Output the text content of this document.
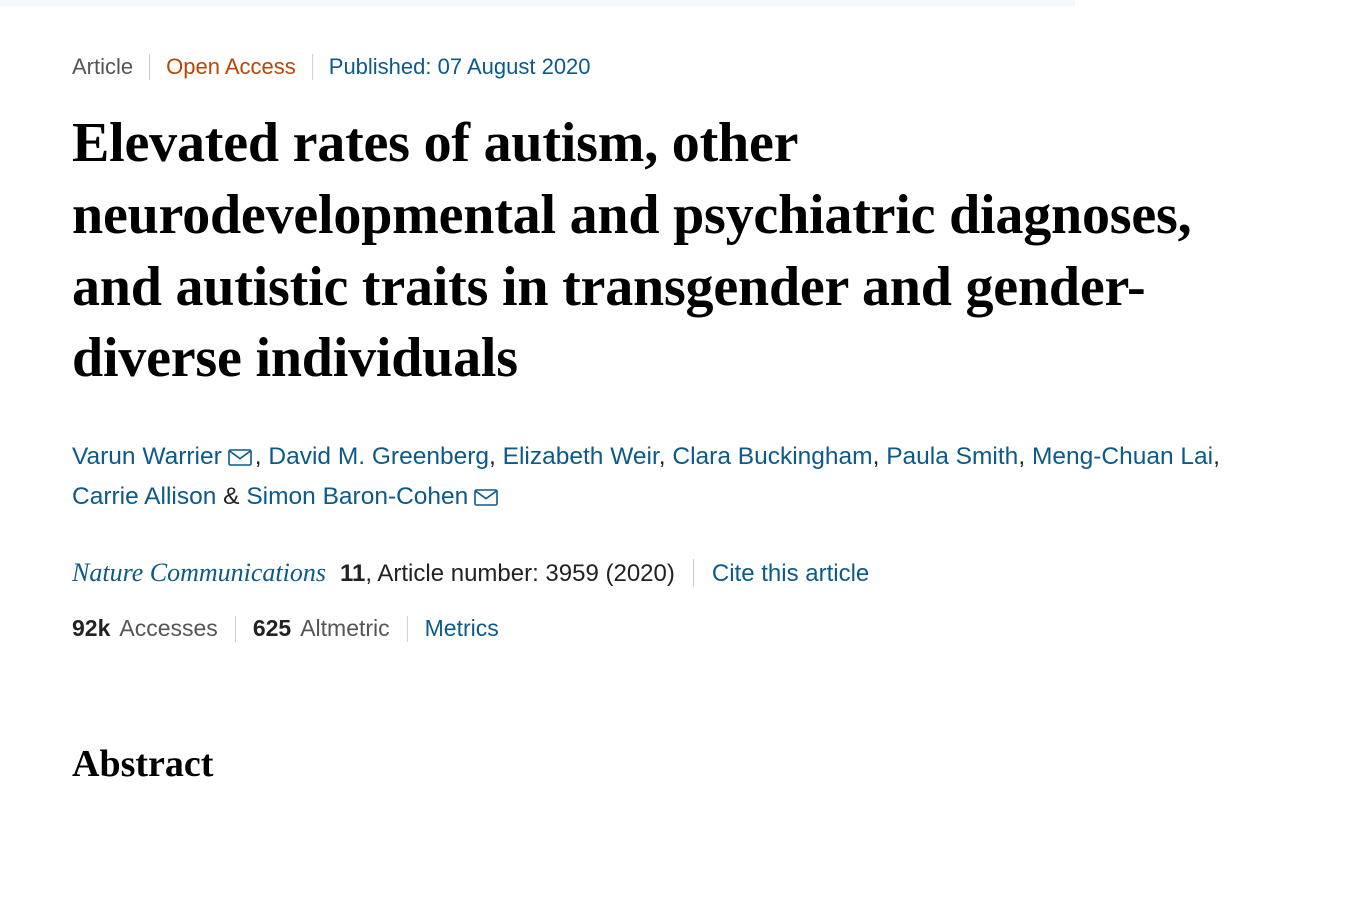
Article Open Access Published: 07 August 2020
Elevated rates of autism, other neurodevelopmental and psychiatric diagnoses, and autistic traits in transgender and gender-diverse individuals
Varun Warrier , David M. Greenberg, Elizabeth Weir, Clara Buckingham, Paula Smith, Meng-Chuan Lai, Carrie Allison & Simon Baron-Cohen
Nature Communications 11 , Article number: 3959 (2020) Cite this article
92k Accesses 625 Altmetric Metrics
Abstract
